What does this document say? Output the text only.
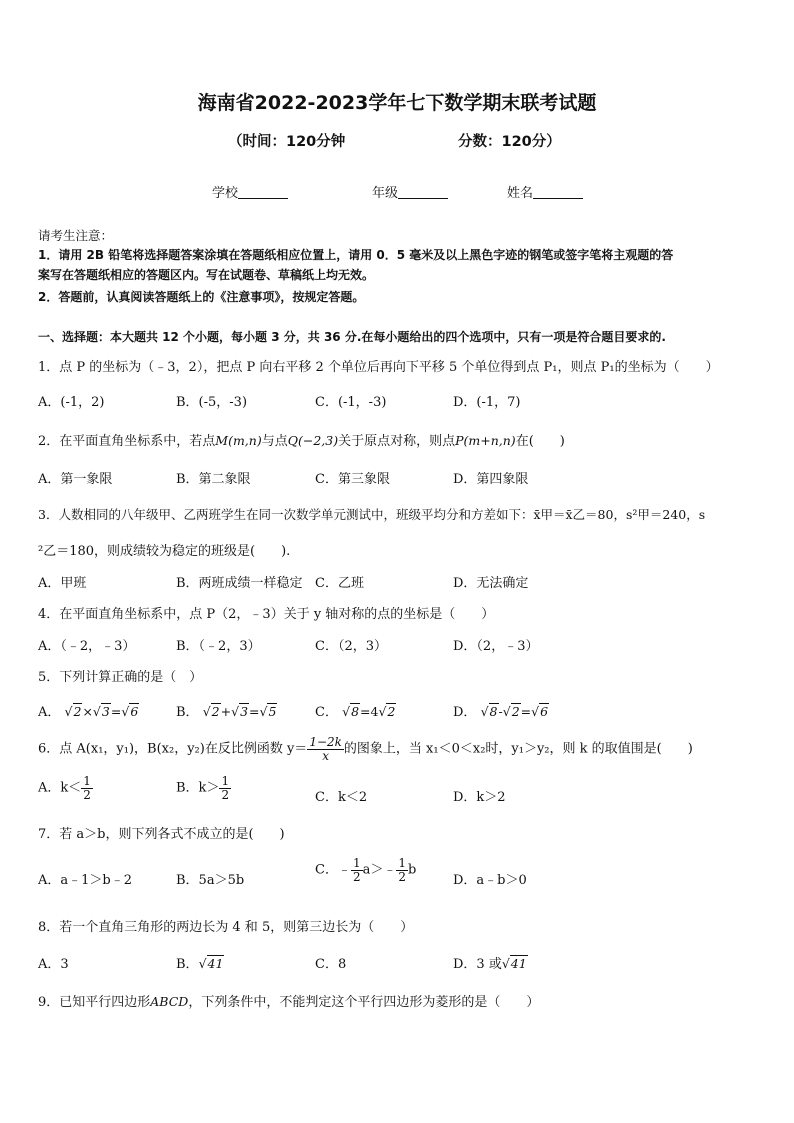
海南省2022-2023学年七下数学期末联考试题
（时间：120分钟	分数：120分）
学校	年级	姓名
请考生注意：
1．请用 2B 铅笔将选择题答案涂填在答题纸相应位置上，请用 0．5 毫米及以上黑色字迹的钢笔或签字笔将主观题的答
案写在答题纸相应的答题区内。写在试题卷、草稿纸上均无效。
2．答题前，认真阅读答题纸上的《注意事项》，按规定答题。
一、选择题：本大题共 12 个小题，每小题 3 分，共 36 分.在每小题给出的四个选项中，只有一项是符合题目要求的.
1．点 P 的坐标为（﹣3，2），把点 P 向右平移 2 个单位后再向下平移 5 个单位得到点 P₁，则点 P₁的坐标为（　　）
A．(-1，2)	B．(-5，-3)	C．(-1，-3)	D．(-1，7)
2．在平面直角坐标系中，若点M(m,n)与点Q(−2,3)关于原点对称，则点P(m+n,n)在(　　)
A．第一象限	B．第二象限	C．第三象限	D．第四象限
3．人数相同的八年级甲、乙两班学生在同一次数学单元测试中，班级平均分和方差如下：x̄甲＝x̄乙＝80，s²甲＝240，s
²乙＝180，则成绩较为稳定的班级是(　　).
A．甲班	B．两班成绩一样稳定 C．乙班	D．无法确定
4．在平面直角坐标系中，点 P（2，﹣3）关于 y 轴对称的点的坐标是（　　）
A．（﹣2，﹣3）	B．（﹣2，3）	C．（2，3）	D．（2，﹣3）
5．下列计算正确的是（　）
A． √2×√3=√6	B． √2+√3=√5	C． √8=4√2	D． √8-√2=√6
6．点 A(x₁，y₁)，B(x₂，y₂)在反比例函数 $y= \frac{1-2k}{x}$ 的图象上，当 x₁＜0＜x₂时，y₁＞y₂，则 k 的取值围是(　　)
A．$k< \frac{1}{2}$	B．$k> \frac{1}{2}$	C．k＜2	D．k＞2
7．若 a＞b，则下列各式不成立的是(　　)
A．a﹣1＞b﹣2	B．5a＞5b
C．﹣ $\frac{1}{2}$ a＞﹣ $\frac{1}{2}$ b
D．a﹣b＞0
8．若一个直角三角形的两边长为 4 和 5，则第三边长为（　　）
A．3	B．√41	C．8	D．3 或√41
9．已知平行四边形ABCD，下列条件中，不能判定这个平行四边形为菱形的是（　　）
